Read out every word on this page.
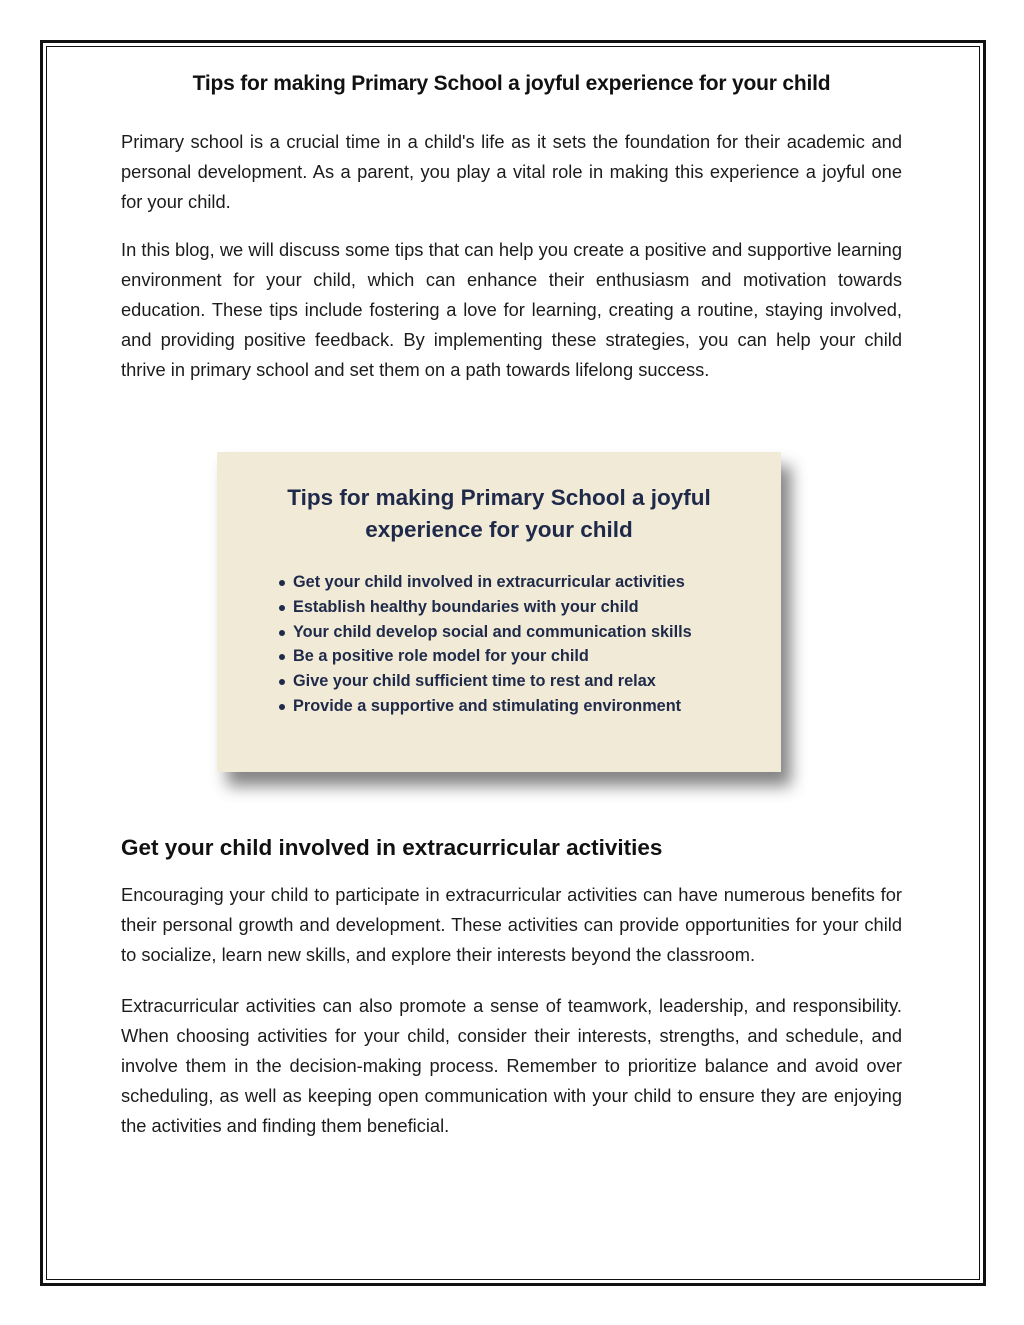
Tips for making Primary School a joyful experience for your child

Primary school is a crucial time in a child's life as it sets the foundation for their academic and personal development. As a parent, you play a vital role in making this experience a joyful one for your child.

In this blog, we will discuss some tips that can help you create a positive and supportive learning environment for your child, which can enhance their enthusiasm and motivation towards education. These tips include fostering a love for learning, creating a routine, staying involved, and providing positive feedback. By implementing these strategies, you can help your child thrive in primary school and set them on a path towards lifelong success.

Tips for making Primary School a joyful experience for your child
Get your child involved in extracurricular activities
Establish healthy boundaries with your child
Your child develop social and communication skills
Be a positive role model for your child
Give your child sufficient time to rest and relax
Provide a supportive and stimulating environment
Get your child involved in extracurricular activities

Encouraging your child to participate in extracurricular activities can have numerous benefits for their personal growth and development. These activities can provide opportunities for your child to socialize, learn new skills, and explore their interests beyond the classroom.

Extracurricular activities can also promote a sense of teamwork, leadership, and responsibility. When choosing activities for your child, consider their interests, strengths, and schedule, and involve them in the decision-making process. Remember to prioritize balance and avoid over scheduling, as well as keeping open communication with your child to ensure they are enjoying the activities and finding them beneficial.
